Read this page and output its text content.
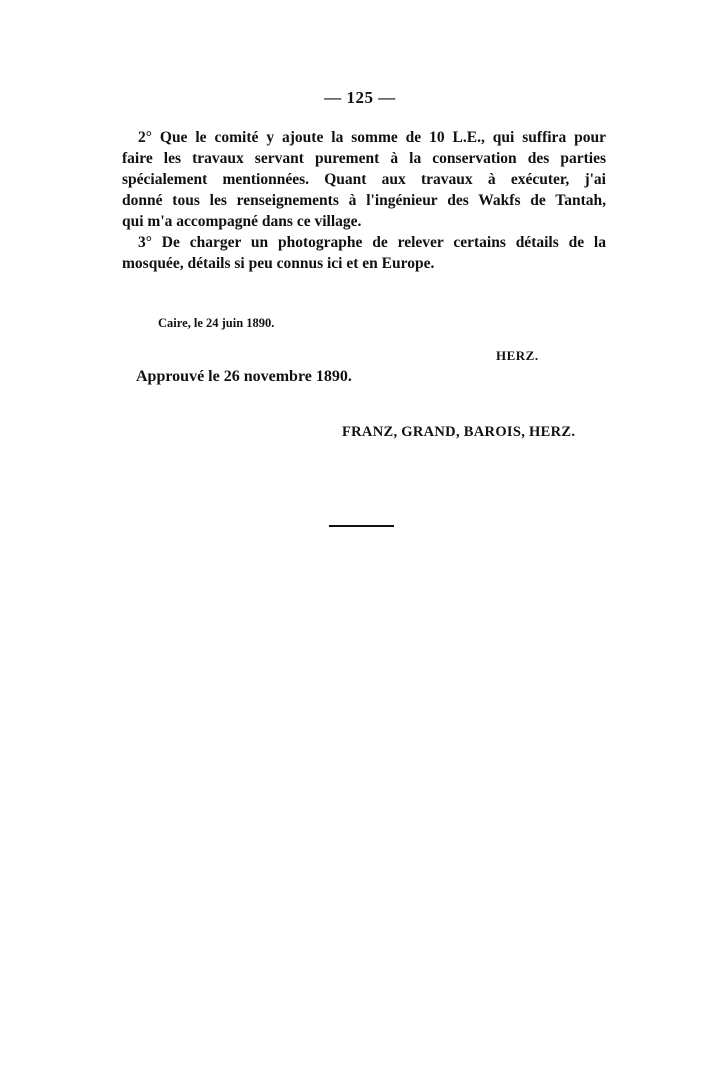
— 125 —

2° Que le comité y ajoute la somme de 10 L.E., qui suffira pour
faire les travaux servant purement à la conservation des parties
spécialement mentionnées. Quant aux travaux à exécuter, j'ai
donné tous les renseignements à l'ingénieur des Wakfs de Tantah,
qui m'a accompagné dans ce village.

3° De charger un photographe de relever certains détails de la
mosquée, détails si peu connus ici et en Europe.

Caire, le 24 juin 1890.
HERZ.
Approuvé le 26 novembre 1890.
FRANZ, GRAND, BAROIS, HERZ.
